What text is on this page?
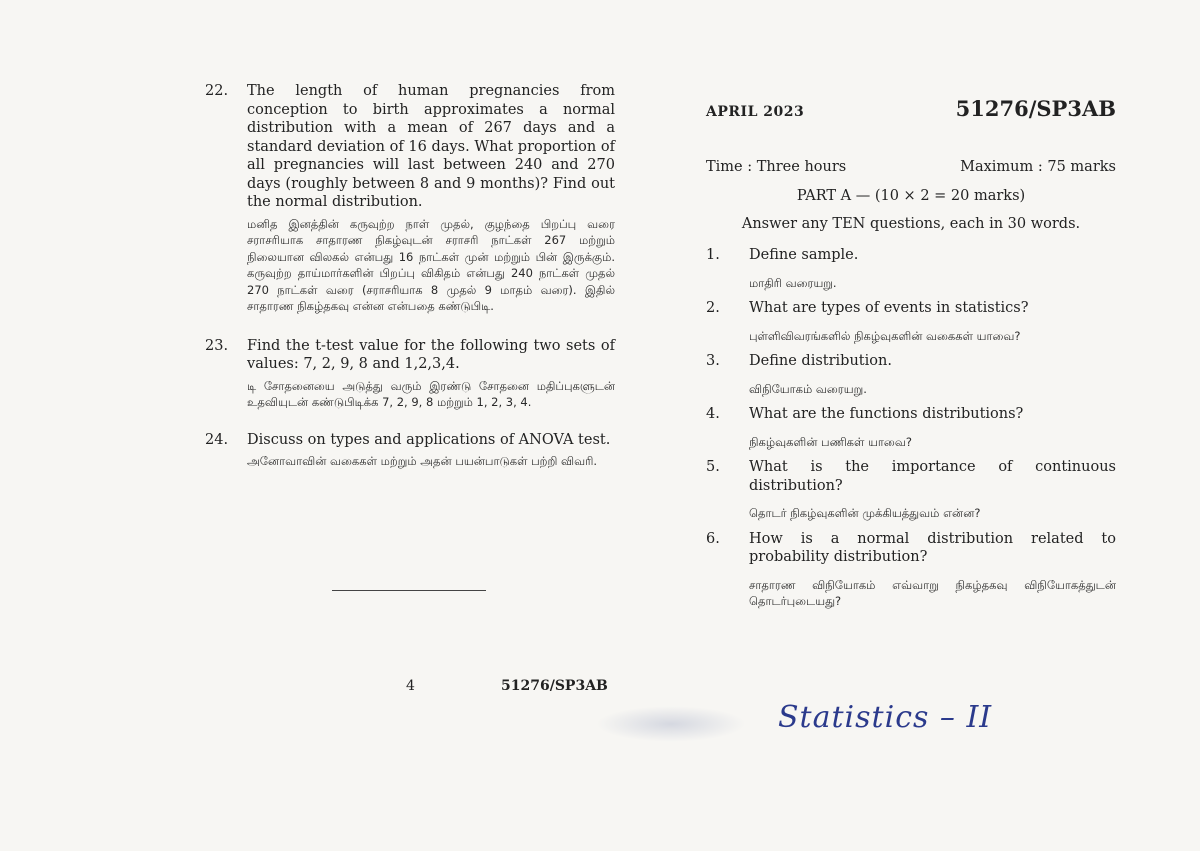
22.	The length of human pregnancies from conception to birth approximates a normal distribution with a mean of 267 days and a standard deviation of 16 days. What proportion of all pregnancies will last between 240 and 270 days (roughly between 8 and 9 months)? Find out the normal distribution.
மனித இனத்தின் கருவுற்ற நாள் முதல், குழந்தை பிறப்பு வரை சராசரியாக சாதாரண நிகழ்வுடன் சராசரி நாட்கள் 267 மற்றும் நிலையான விலகல் என்பது 16 நாட்கள் முன் மற்றும் பின் இருக்கும். கருவுற்ற தாய்மார்களின் பிறப்பு விகிதம் என்பது 240 நாட்கள் முதல் 270 நாட்கள் வரை (சராசரியாக 8 முதல் 9 மாதம் வரை). இதில் சாதாரண நிகழ்தகவு என்ன என்பதை கண்டுபிடி.
23.	Find the t-test value for the following two sets of values: 7, 2, 9, 8 and 1,2,3,4.
டி சோதனையை அடுத்து வரும் இரண்டு சோதனை மதிப்புகளுடன் உதவியுடன் கண்டுபிடிக்க 7, 2, 9, 8 மற்றும் 1, 2, 3, 4.
24.	Discuss on types and applications of ANOVA test.
அனோவாவின் வகைகள் மற்றும் அதன் பயன்பாடுகள் பற்றி விவரி.
4	51276/SP3AB
APRIL 2023	51276/SP3AB
Time : Three hours	Maximum : 75 marks
PART A — (10 × 2 = 20 marks)
Answer any TEN questions, each in 30 words.
1.	Define sample.
மாதிரி வரையறு.
2.	What are types of events in statistics?
புள்ளிவிவரங்களில் நிகழ்வுகளின் வகைகள் யாவை?
3.	Define distribution.
விநியோகம் வரையறு.
4.	What are the functions distributions?
நிகழ்வுகளின் பணிகள் யாவை?
5.	What is the importance of continuous distribution?
தொடர் நிகழ்வுகளின் முக்கியத்துவம் என்ன?
6.	How is a normal distribution related to probability distribution?
சாதாரண விநியோகம் எவ்வாறு நிகழ்தகவு விநியோகத்துடன் தொடர்புடையது?
Statistics – II
